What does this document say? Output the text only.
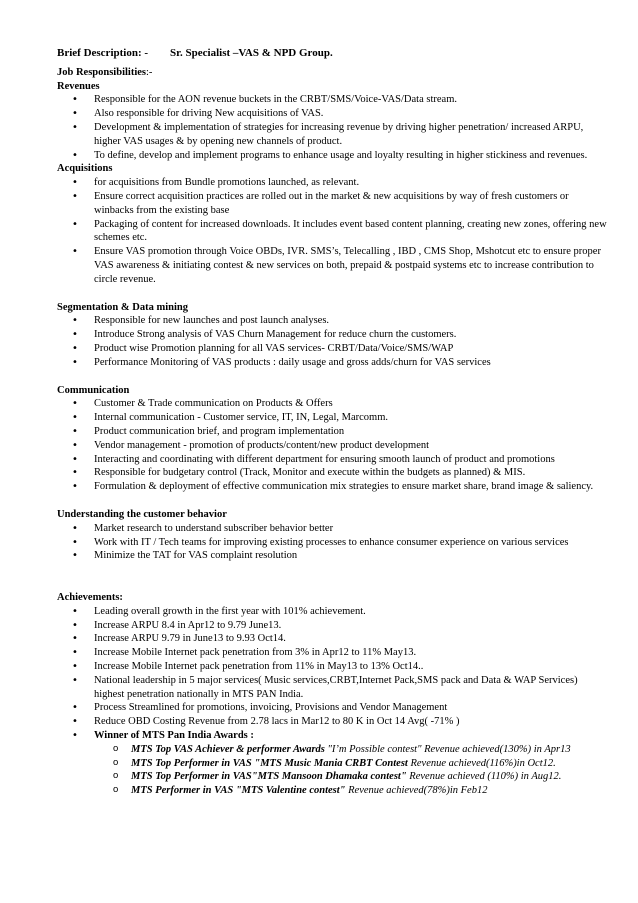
Brief Description: - Sr. Specialist –VAS & NPD Group.
Job Responsibilities:-
Revenues
• Responsible for the AON revenue buckets in the CRBT/SMS/Voice-VAS/Data stream.
• Also responsible for driving New acquisitions of VAS.
• Development & implementation of strategies for increasing revenue by driving higher penetration/ increased ARPU, higher VAS usages & by opening new channels of product.
• To define, develop and implement programs to enhance usage and loyalty resulting in higher stickiness and revenues.
Acquisitions
• for acquisitions from Bundle promotions launched, as relevant.
• Ensure correct acquisition practices are rolled out in the market & new acquisitions by way of fresh customers or winbacks from the existing base
• Packaging of content for increased downloads. It includes event based content planning, creating new zones, offering new schemes etc.
• Ensure VAS promotion through Voice OBDs, IVR. SMS’s, Telecalling , IBD , CMS Shop, Mshotcut etc to ensure proper VAS awareness & initiating contest & new services on both, prepaid & postpaid systems etc to increase contribution to circle revenue.
Segmentation & Data mining
• Responsible for new launches and post launch analyses.
• Introduce Strong analysis of VAS Churn Management for reduce churn the customers.
• Product wise Promotion planning for all VAS services- CRBT/Data/Voice/SMS/WAP
• Performance Monitoring of VAS products : daily usage and gross adds/churn for VAS services
Communication
• Customer & Trade communication on Products & Offers
• Internal communication - Customer service, IT, IN, Legal, Marcomm.
• Product communication brief, and program implementation
• Vendor management - promotion of products/content/new product development
• Interacting and coordinating with different department for ensuring smooth launch of product and promotions
• Responsible for budgetary control (Track, Monitor and execute within the budgets as planned) & MIS.
• Formulation & deployment of effective communication mix strategies to ensure market share, brand image & saliency.
Understanding the customer behavior
• Market research to understand subscriber behavior better
• Work with IT / Tech teams for improving existing processes to enhance consumer experience on various services
• Minimize the TAT for VAS complaint resolution
Achievements:
• Leading overall growth in the first year with 101% achievement.
• Increase ARPU 8.4 in Apr12 to 9.79 June13.
• Increase ARPU 9.79 in June13 to 9.93 Oct14.
• Increase Mobile Internet pack penetration from 3% in Apr12 to 11% May13.
• Increase Mobile Internet pack penetration from 11% in May13 to 13% Oct14..
• National leadership in 5 major services( Music services,CRBT,Internet Pack,SMS pack and Data & WAP Services) highest penetration nationally in MTS PAN India.
• Process Streamlined for promotions, invoicing, Provisions and Vendor Management
• Reduce OBD Costing Revenue from 2.78 lacs in Mar12 to 80 K in Oct 14 Avg( -71% )
• Winner of MTS Pan India Awards :
o MTS Top VAS Achiever & performer Awards "I’m Possible contest" Revenue achieved(130%) in Apr13
o MTS Top Performer in VAS "MTS Music Mania CRBT Contest Revenue achieved(116%)in Oct12.
o MTS Top Performer in VAS"MTS Mansoon Dhamaka contest" Revenue achieved (110%) in Aug12.
o MTS Performer in VAS "MTS Valentine contest" Revenue achieved(78%)in Feb12
